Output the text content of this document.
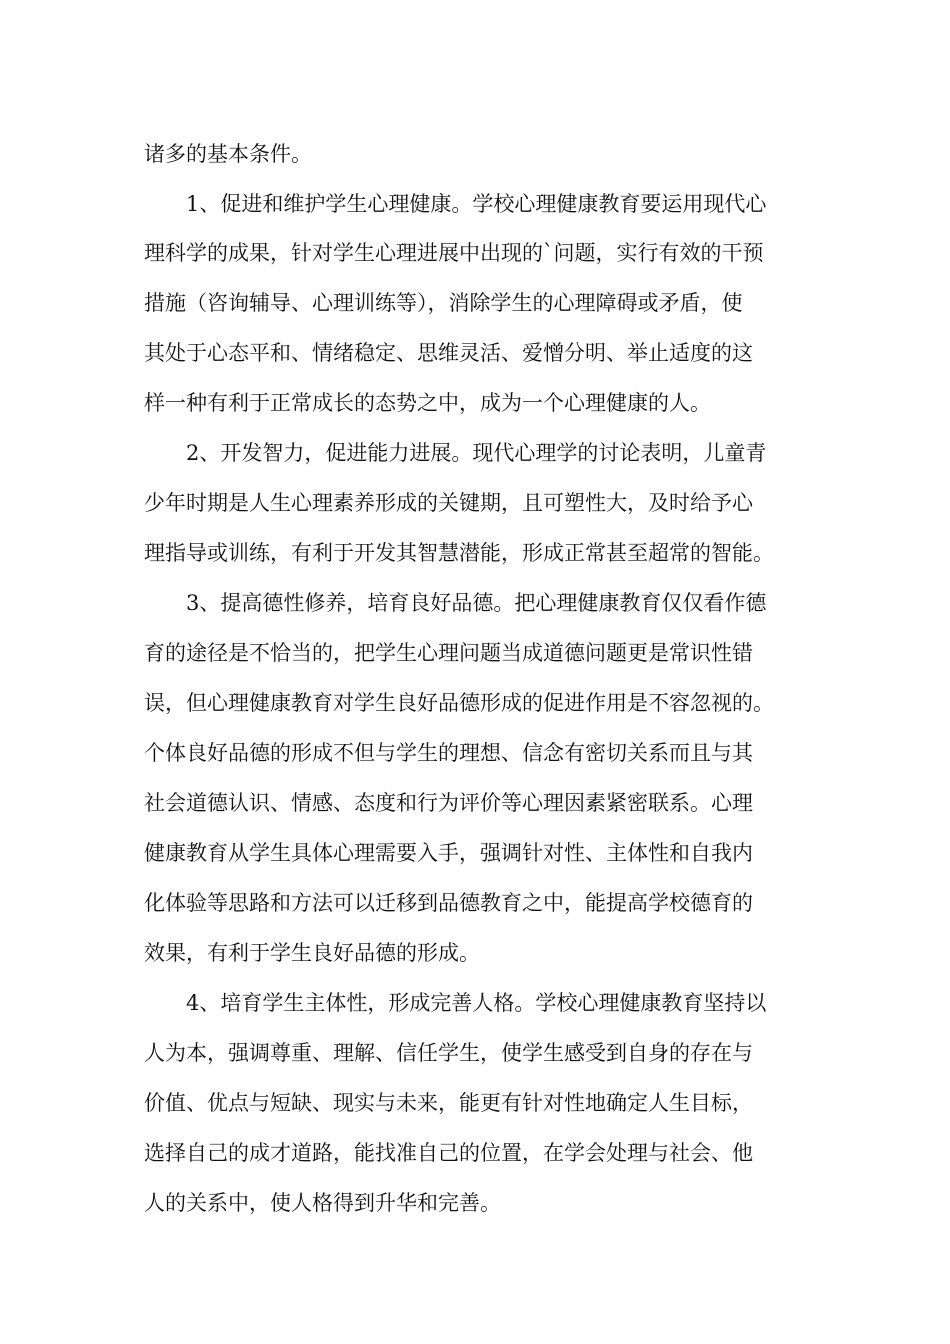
诸多的基本条件。
1、促进和维护学生心理健康。学校心理健康教育要运用现代心
理科学的成果，针对学生心理进展中出现的`问题，实行有效的干预
措施（咨询辅导、心理训练等），消除学生的心理障碍或矛盾，使
其处于心态平和、情绪稳定、思维灵活、爱憎分明、举止适度的这
样一种有利于正常成长的态势之中，成为一个心理健康的人。
2、开发智力，促进能力进展。现代心理学的讨论表明，儿童青
少年时期是人生心理素养形成的关键期，且可塑性大，及时给予心
理指导或训练，有利于开发其智慧潜能，形成正常甚至超常的智能。
3、提高德性修养，培育良好品德。把心理健康教育仅仅看作德
育的途径是不恰当的，把学生心理问题当成道德问题更是常识性错
误，但心理健康教育对学生良好品德形成的促进作用是不容忽视的。
个体良好品德的形成不但与学生的理想、信念有密切关系而且与其
社会道德认识、情感、态度和行为评价等心理因素紧密联系。心理
健康教育从学生具体心理需要入手，强调针对性、主体性和自我内
化体验等思路和方法可以迁移到品德教育之中，能提高学校德育的
效果，有利于学生良好品德的形成。
4、培育学生主体性，形成完善人格。学校心理健康教育坚持以
人为本，强调尊重、理解、信任学生，使学生感受到自身的存在与
价值、优点与短缺、现实与未来，能更有针对性地确定人生目标，
选择自己的成才道路，能找准自己的位置，在学会处理与社会、他
人的关系中，使人格得到升华和完善。
